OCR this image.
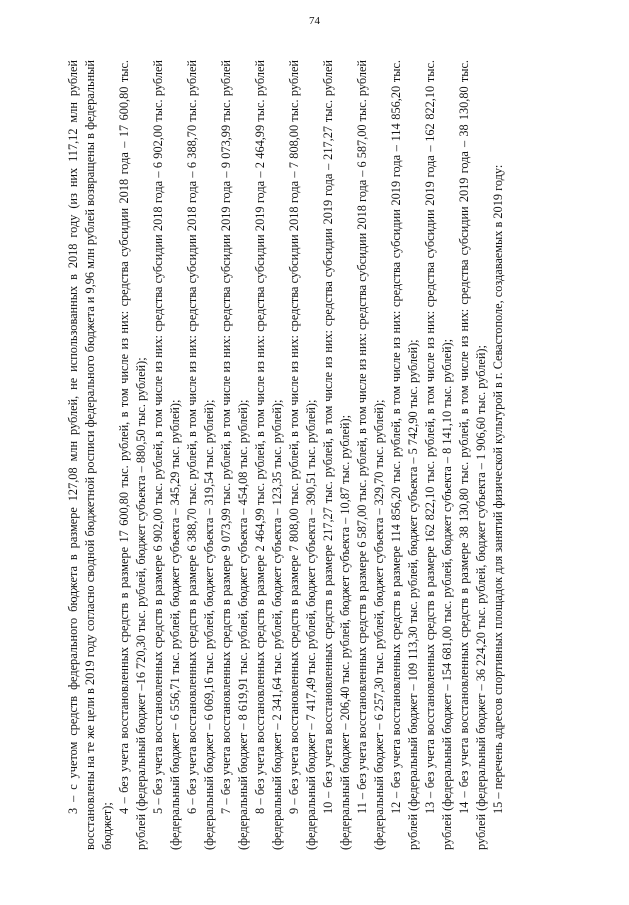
74

3 – с учетом средств федерального бюджета в размере 127,08 млн рублей, не использованных в 2018 году (из них 117,12 млн рублей восстановлены на те же цели в 2019 году согласно сводной бюджетной росписи федерального бюджета и 9,96 млн рублей возвращены в федеральный бюджет);

4 – без учета восстановленных средств в размере 17 600,80 тыс. рублей, в том числе из них: средства субсидии 2018 года – 17 600,80 тыс. рублей (федеральный бюджет –16 720,30 тыс. рублей, бюджет субъекта – 880,50 тыс. рублей); 5 – без учета восстановленных средств в размере 6 902,00 тыс. рублей, в том числе из них: средства субсидии 2018 года – 6 902,00 тыс. рублей (федеральный бюджет – 6 556,71 тыс. рублей, бюджет субъекта – 345,29 тыс. рублей); 6 – без учета восстановленных средств в размере 6 388,70 тыс. рублей, в том числе из них: средства субсидии 2018 года – 6 388,70 тыс. рублей (федеральный бюджет – 6 069,16 тыс. рублей, бюджет субъекта – 319,54 тыс. рублей); 7 – без учета восстановленных средств в размере 9 073,99 тыс. рублей, в том числе из них: средства субсидии 2019 года – 9 073,99 тыс. рублей (федеральный бюджет – 8 619,91 тыс. рублей, бюджет субъекта – 454,08 тыс. рублей); 8 – без учета восстановленных средств в размере 2 464,99 тыс. рублей, в том числе из них: средства субсидии 2019 года – 2 464,99 тыс. рублей (федеральный бюджет – 2 341,64 тыс. рублей, бюджет субъекта – 123,35 тыс. рублей); 9 – без учета восстановленных средств в размере 7 808,00 тыс. рублей, в том числе из них: средства субсидии 2018 года – 7 808,00 тыс. рублей (федеральный бюджет – 7 417,49 тыс. рублей, бюджет субъекта – 390,51 тыс. рублей); 10 – без учета восстановленных средств в размере 217,27 тыс. рублей, в том числе из них: средства субсидии 2019 года – 217,27 тыс. рублей (федеральный бюджет – 206,40 тыс. рублей, бюджет субъекта – 10,87 тыс. рублей); 11 – без учета восстановленных средств в размере 6 587,00 тыс. рублей, в том числе из них: средства субсидии 2018 года – 6 587,00 тыс. рублей (федеральный бюджет – 6 257,30 тыс. рублей, бюджет субъекта – 329,70 тыс. рублей); 12 – без учета восстановленных средств в размере 114 856,20 тыс. рублей, в том числе из них: средства субсидии 2019 года – 114 856,20 тыс. рублей (федеральный бюджет – 109 113,30 тыс. рублей, бюджет субъекта – 5 742,90 тыс. рублей); 13 – без учета восстановленных средств в размере 162 822,10 тыс. рублей, в том числе из них: средства субсидии 2019 года – 162 822,10 тыс. рублей (федеральный бюджет – 154 681,00 тыс. рублей, бюджет субъекта – 8 141,10 тыс. рублей); 14 – без учета восстановленных средств в размере 38 130,80 тыс. рублей, в том числе из них: средства субсидии 2019 года – 38 130,80 тыс. рублей (федеральный бюджет – 36 224,20 тыс. рублей, бюджет субъекта – 1 906,60 тыс. рублей); 15 – перечень адресов спортивных площадок для занятий физической культурой в г. Севастополе, создаваемых в 2019 году:
